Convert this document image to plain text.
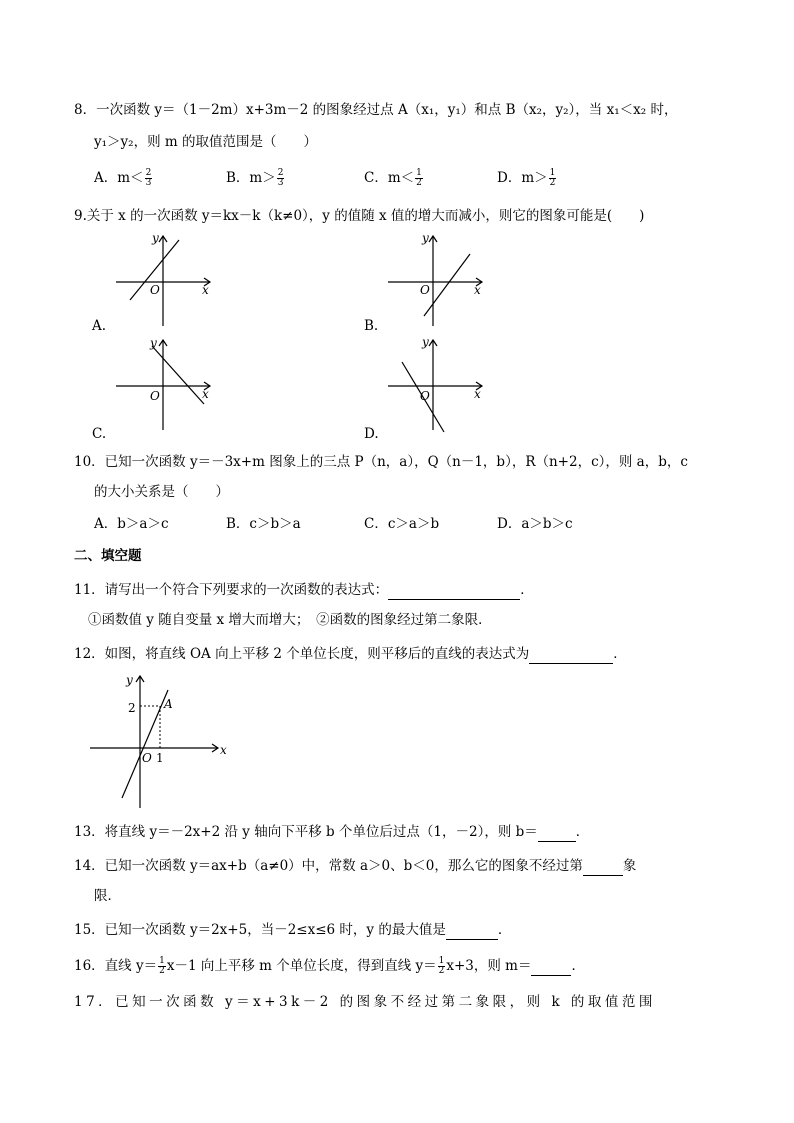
8．一次函数 y＝（1－2m）x+3m－2 的图象经过点 A（x₁，y₁）和点 B（x₂，y₂），当 x₁＜x₂ 时，
y₁＞y₂，则 m 的取值范围是（　　）
A．$m< \frac{2}{3}$	B．$m> \frac{2}{3}$	C．$m< \frac{1}{2}$	D．$m> \frac{1}{2}$
9.关于 x 的一次函数 y＝kx－k（k≠0），y 的值随 x 值的增大而减小，则它的图象可能是(　　)
y
x
O
A.
y
x
O
B.
y
x
O
C.
y
x
O
D.
10．已知一次函数 y＝－3x+m 图象上的三点 P（n，a），Q（n－1，b），R（n+2，c），则 a，b，c
的大小关系是（　　）
A．b＞a＞c	B．c＞b＞a	C．c＞a＞b	D．a＞b＞c
二、填空题
11．请写出一个符合下列要求的一次函数的表达式：	．
①函数值 y 随自变量 x 增大而增大；　②函数的图象经过第二象限．
12．如图，将直线 OA 向上平移 2 个单位长度，则平移后的直线的表达式为	．
y
x
O
A
2
1
13．将直线 y＝－2x+2 沿 y 轴向下平移 b 个单位后过点（1，－2），则 b＝	．
14．已知一次函数 y＝ax+b（a≠0）中，常数 a＞0、b＜0，那么它的图象不经过第	象
限．
15．已知一次函数 y＝2x+5，当－2≤x≤6 时，y 的最大值是	．
16．直线 $y= \frac{1}{2} x-1$ 向上平移 m 个单位长度，得到直线 $y= \frac{1}{2} x+3$，则 m＝	．
17．已知一次函数 y＝x+3k－2 的图象不经过第二象限，则 k 的取值范围
